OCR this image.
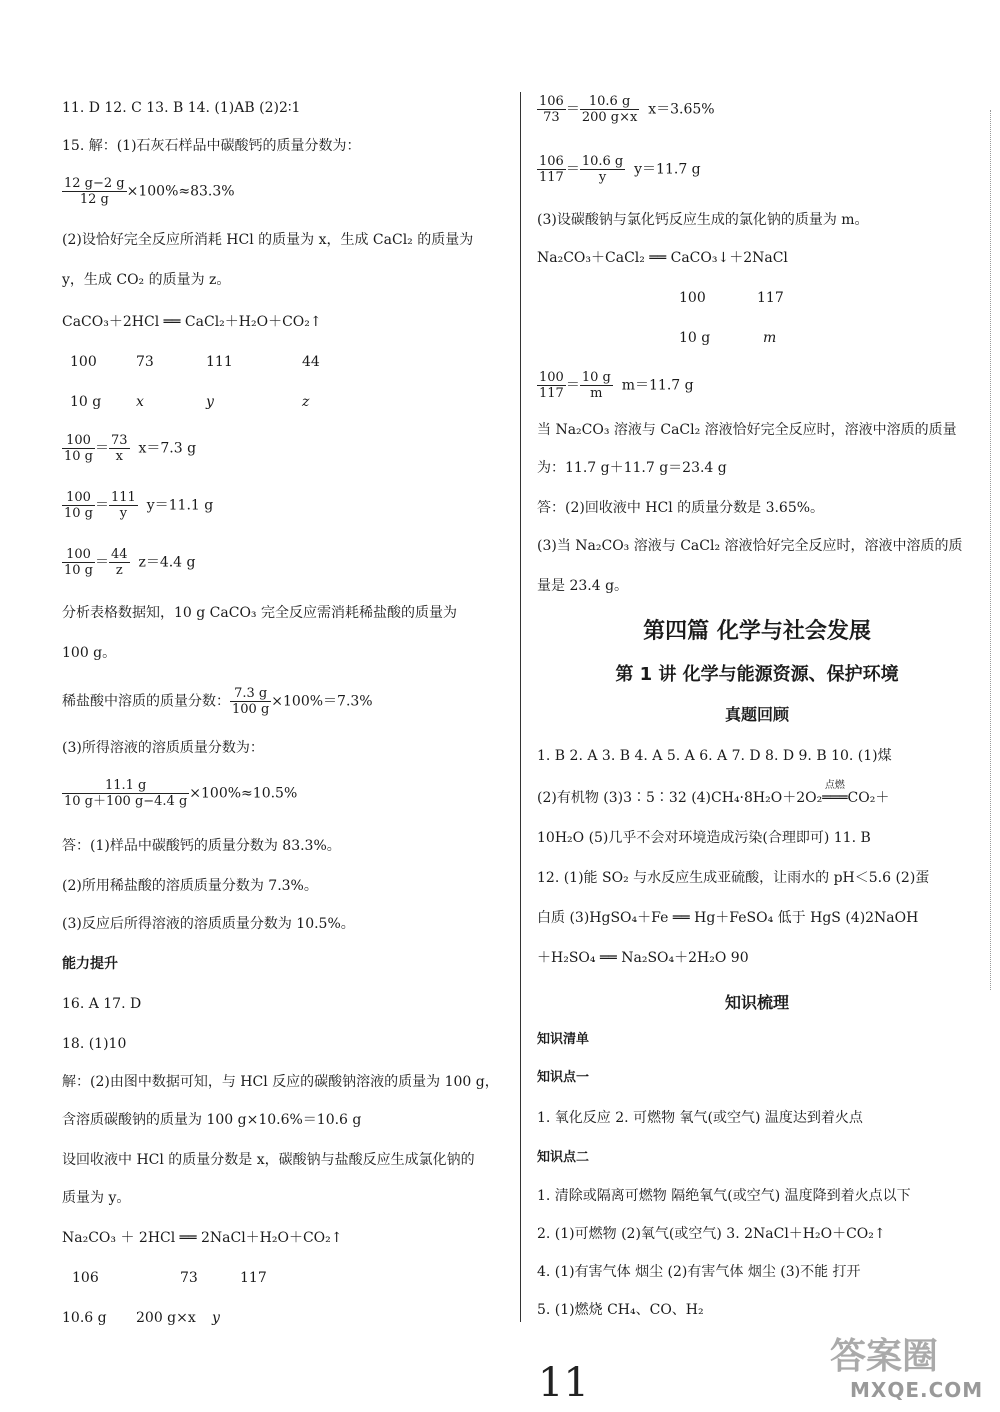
11. D 12. C 13. B 14. (1)AB (2)2∶1
15. 解：(1)石灰石样品中碳酸钙的质量分数为：
$\frac{12 g-2 g}{12 g} \times 100\%\approx 83.3\%$
(2)设恰好完全反应所消耗 HCl 的质量为 x，生成 CaCl₂ 的质量为
y，生成 CO₂ 的质量为 z。
CaCO₃＋2HCl ══ CaCl₂＋H₂O＋CO₂↑
100	73	111	44
10 g x	y	z
$\frac{100}{10 g} = \frac{73}{x} x=7.3$ g
$\frac{100}{10 g} = \frac{111}{y} y=11.1$ g
$\frac{100}{10 g} = \frac{44}{z} z=4.4$ g
分析表格数据知，10 g CaCO₃ 完全反应需消耗稀盐酸的质量为
100 g。
稀盐酸中溶质的质量分数： $\frac{7.3 g}{100 g} \times 100\%=7.3\%$
(3)所得溶液的溶质质量分数为：
$\frac{11.1 g}{10 g+100 g-4.4 g} \times 100\%\approx 10.5\%$
答：(1)样品中碳酸钙的质量分数为 83.3%。
(2)所用稀盐酸的溶质质量分数为 7.3%。
(3)反应后所得溶液的溶质质量分数为 10.5%。
能力提升
16. A 17. D
18. (1)10
解：(2)由图中数据可知，与 HCl 反应的碳酸钠溶液的质量为 100 g，
含溶质碳酸钠的质量为 100 g×10.6%＝10.6 g
设回收液中 HCl 的质量分数是 x，碳酸钠与盐酸反应生成氯化钠的
质量为 y。
Na₂CO₃ ＋ 2HCl ══ 2NaCl＋H₂O＋CO₂↑
106	73	117
10.6 g 200 g×x y
$\frac{106}{73} = \frac{10.6 g}{200 g\times x} x=3.65\%$
$\frac{106}{117} = \frac{10.6 g}{y} y=11.7$ g
(3)设碳酸钠与氯化钙反应生成的氯化钠的质量为 m。
Na₂CO₃＋CaCl₂ ══ CaCO₃↓＋2NaCl
100	117
10 g	m
$\frac{100}{117} = \frac{10 g}{m} m=11.7$ g
当 Na₂CO₃ 溶液与 CaCl₂ 溶液恰好完全反应时，溶液中溶质的质量
为：11.7 g＋11.7 g＝23.4 g
答：(2)回收液中 HCl 的质量分数是 3.65%。
(3)当 Na₂CO₃ 溶液与 CaCl₂ 溶液恰好完全反应时，溶液中溶质的质
量是 23.4 g。
第四篇 化学与社会发展
第 1 讲 化学与能源资源、保护环境
真题回顾
1. B 2. A 3. B 4. A 5. A 6. A 7. D 8. D 9. B 10. (1)煤
(2)有机物 (3)3∶5∶32 (4)CH₄·8H₂O＋2O₂
点燃
═══CO₂＋
10H₂O (5)几乎不会对环境造成污染(合理即可) 11. B
12. (1)能 SO₂ 与水反应生成亚硫酸，让雨水的 pH＜5.6 (2)蛋
白质 (3)HgSO₄＋Fe ══ Hg＋FeSO₄ 低于 HgS (4)2NaOH
＋H₂SO₄ ══ Na₂SO₄＋2H₂O 90
知识梳理
知识清单
知识点一
1. 氧化反应 2. 可燃物 氧气(或空气) 温度达到着火点
知识点二
1. 清除或隔离可燃物 隔绝氧气(或空气) 温度降到着火点以下
2. (1)可燃物 (2)氧气(或空气) 3. 2NaCl＋H₂O＋CO₂↑
4. (1)有害气体 烟尘 (2)有害气体 烟尘 (3)不能 打开
5. (1)燃烧 CH₄、CO、H₂
11
答案圈
MXQE.COM
